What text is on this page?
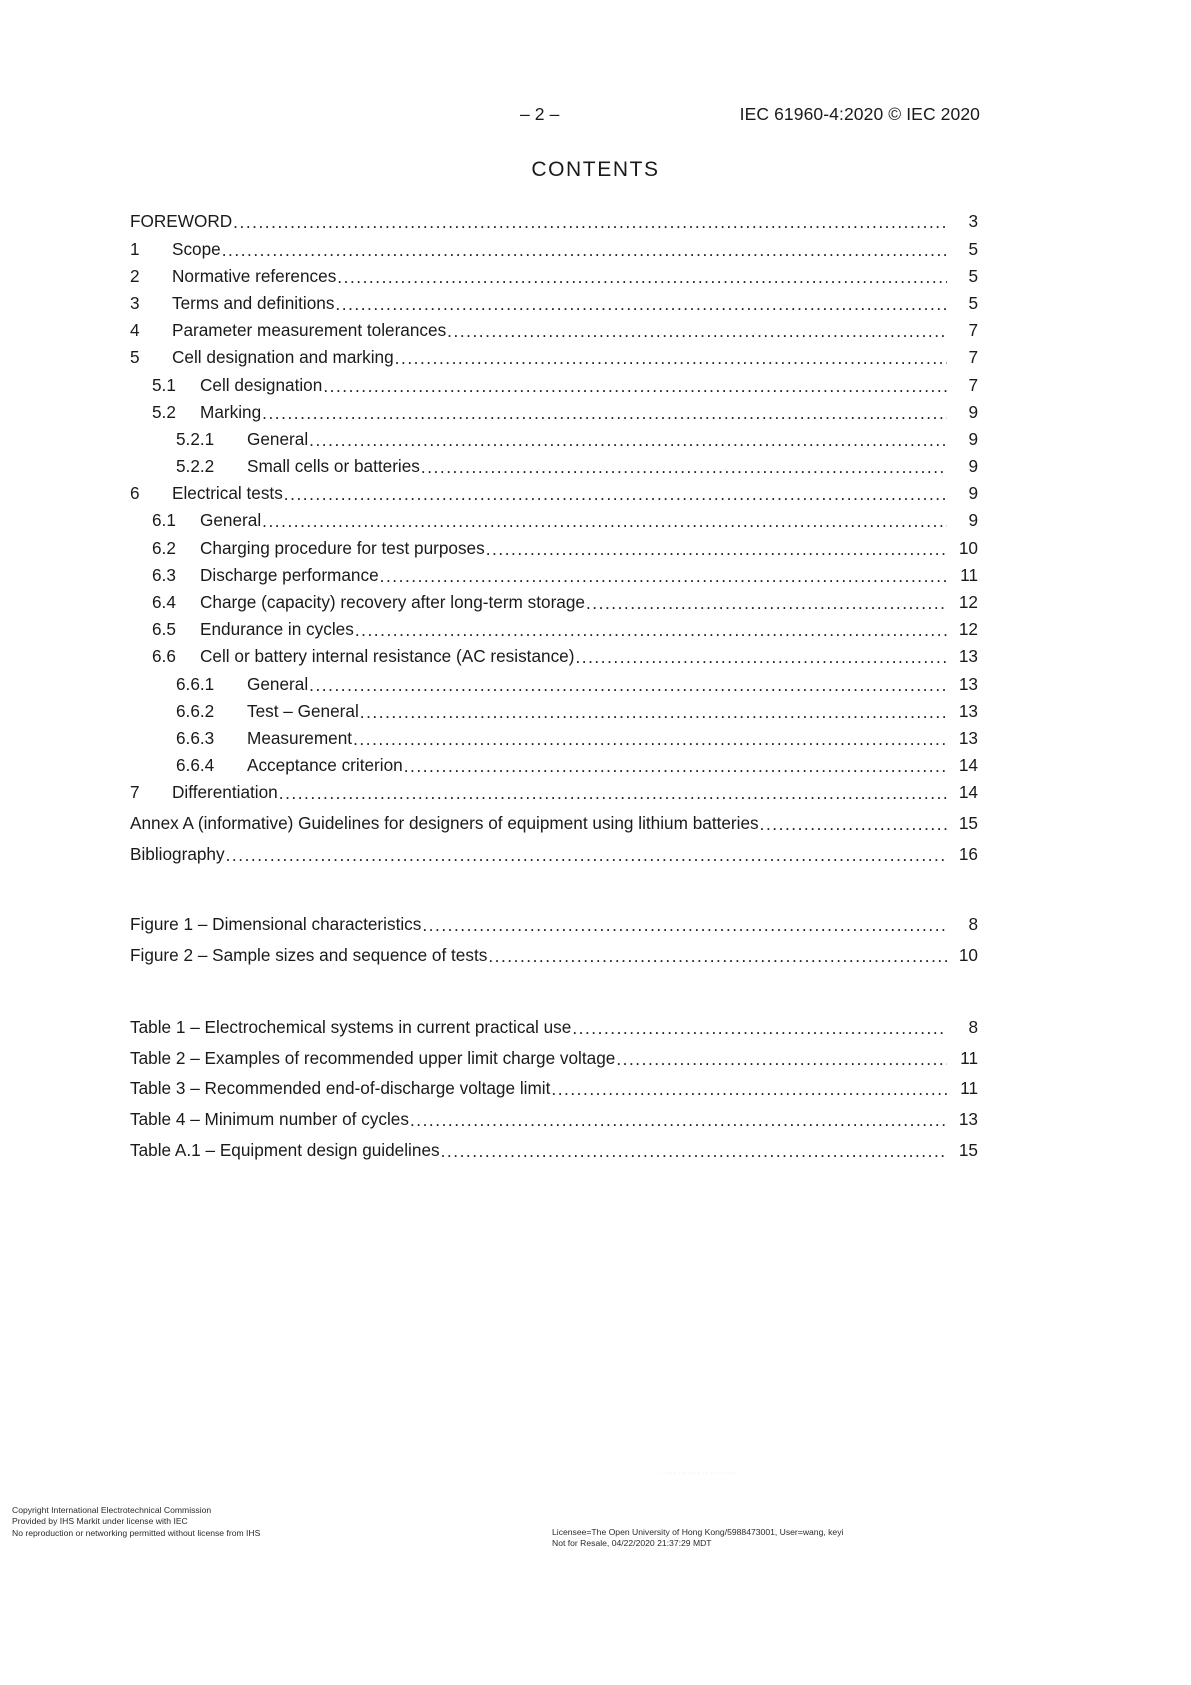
– 2 –	IEC 61960-4:2020 © IEC 2020
CONTENTS
FOREWORD .....	3
1	Scope .....	5
2	Normative references .....	5
3	Terms and definitions .....	5
4	Parameter measurement tolerances .....	7
5	Cell designation and marking .....	7
5.1	Cell designation .....	7
5.2	Marking .....	9
5.2.1	General .....	9
5.2.2	Small cells or batteries .....	9
6	Electrical tests .....	9
6.1	General .....	9
6.2	Charging procedure for test purposes .....	10
6.3	Discharge performance .....	11
6.4	Charge (capacity) recovery after long-term storage .....	12
6.5	Endurance in cycles .....	12
6.6	Cell or battery internal resistance (AC resistance) .....	13
6.6.1	General .....	13
6.6.2	Test – General .....	13
6.6.3	Measurement .....	13
6.6.4	Acceptance criterion .....	14
7	Differentiation .....	14
Annex A (informative) Guidelines for designers of equipment using lithium batteries .....	15
Bibliography .....	16
Figure 1 – Dimensional characteristics .....	8
Figure 2 – Sample sizes and sequence of tests .....	10
Table 1 – Electrochemical systems in current practical use .....	8
Table 2 – Examples of recommended upper limit charge voltage .....	11
Table 3 – Recommended end-of-discharge voltage limit .....	11
Table 4 – Minimum number of cycles .....	13
Table A.1 – Equipment design guidelines .....	15
· ···· ··· ···· ·· ·· ··· ···
Copyright International Electrotechnical Commission
Provided by IHS Markit under license with IEC
No reproduction or networking permitted without license from IHS	Licensee=The Open University of Hong Kong/5988473001, User=wang, keyi
Not for Resale, 04/22/2020 21:37:29 MDT
